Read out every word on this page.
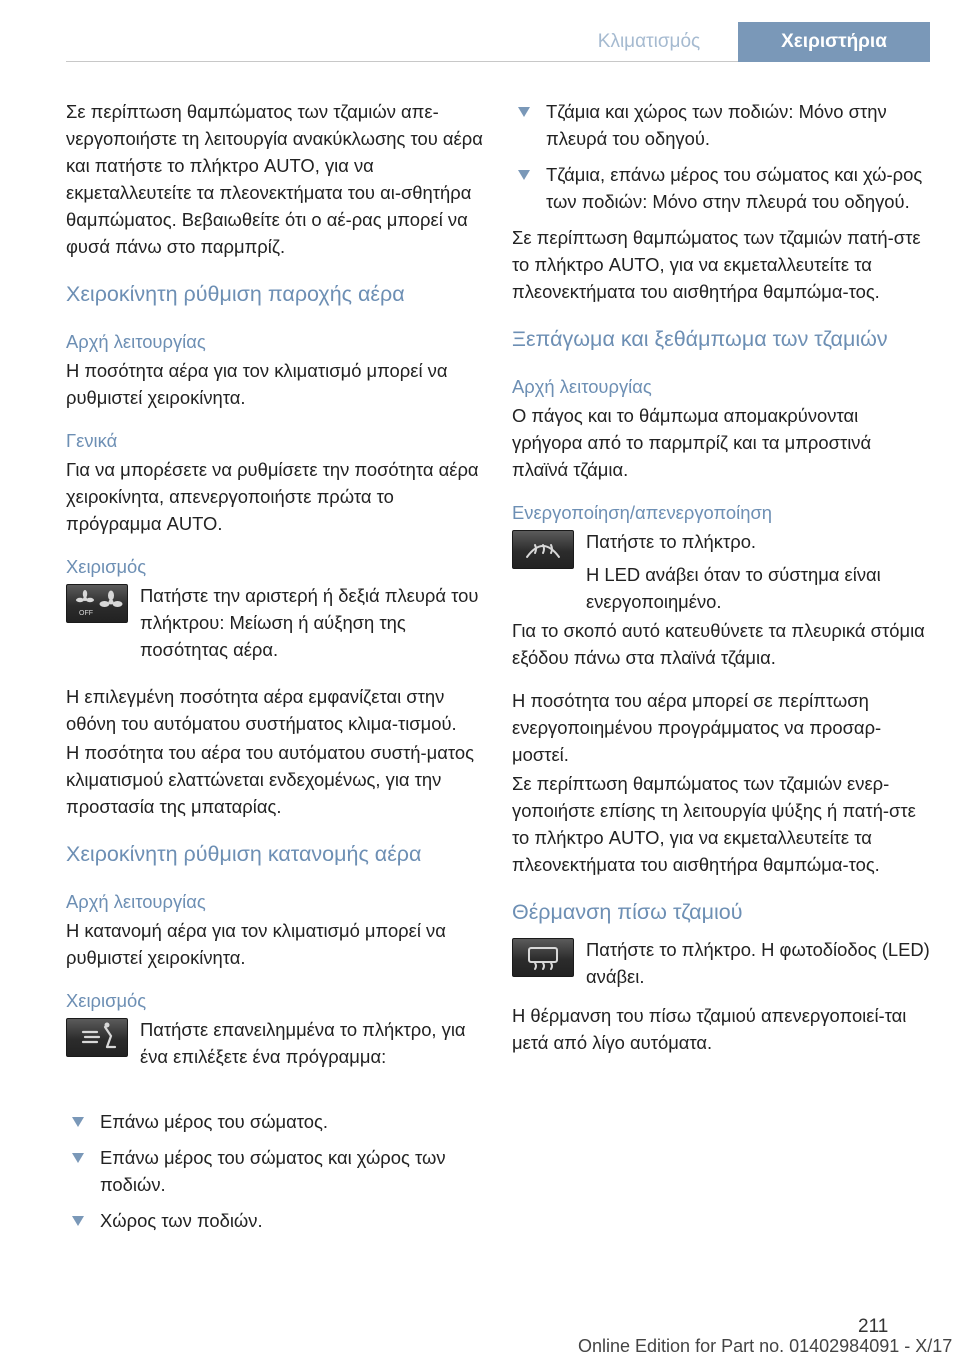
Κλιματισμός	Χειριστήρια

Σε περίπτωση θαμπώματος των τζαμιών απε-νεργοποιήστε τη λειτουργία ανακύκλωσης του αέρα και πατήστε το πλήκτρο AUTO, για να εκμεταλλευτείτε τα πλεονεκτήματα του αι-σθητήρα θαμπώματος. Βεβαιωθείτε ότι ο αέ-ρας μπορεί να φυσά πάνω στο παρμπρίζ.

Χειροκίνητη ρύθμιση παροχής αέρα
Αρχή λειτουργίας

Η ποσότητα αέρα για τον κλιματισμό μπορεί να ρυθμιστεί χειροκίνητα.

Γενικά

Για να μπορέσετε να ρυθμίσετε την ποσότητα αέρα χειροκίνητα, απενεργοποιήστε πρώτα το πρόγραμμα AUTO.

Χειρισμός
OFF

Πατήστε την αριστερή ή δεξιά πλευρά του πλήκτρου: Μείωση ή αύξηση της ποσότητας αέρα.

Η επιλεγμένη ποσότητα αέρα εμφανίζεται στην οθόνη του αυτόματου συστήματος κλιμα-τισμού.

Η ποσότητα του αέρα του αυτόματου συστή-ματος κλιματισμού ελαττώνεται ενδεχομένως, για την προστασία της μπαταρίας.

Χειροκίνητη ρύθμιση κατανομής αέρα
Αρχή λειτουργίας

Η κατανομή αέρα για τον κλιματισμό μπορεί να ρυθμιστεί χειροκίνητα.

Χειρισμός

Πατήστε επανειλημμένα το πλήκτρο, για ένα επιλέξετε ένα πρόγραμμα:

Επάνω μέρος του σώματος.
Επάνω μέρος του σώματος και χώρος των ποδιών.
Χώρος των ποδιών.
Τζάμια και χώρος των ποδιών: Μόνο στην πλευρά του οδηγού.
Τζάμια, επάνω μέρος του σώματος και χώ-ρος των ποδιών: Μόνο στην πλευρά του οδηγού.

Σε περίπτωση θαμπώματος των τζαμιών πατή-στε το πλήκτρο AUTO, για να εκμεταλλευτείτε τα πλεονεκτήματα του αισθητήρα θαμπώμα-τος.

Ξεπάγωμα και ξεθάμπωμα των τζαμιών
Αρχή λειτουργίας

Ο πάγος και το θάμπωμα απομακρύνονται γρήγορα από το παρμπρίζ και τα μπροστινά πλαϊνά τζάμια.

Ενεργοποίηση/απενεργοποίηση

Πατήστε το πλήκτρο.

Η LED ανάβει όταν το σύστημα είναι ενεργοποιημένο.

Για το σκοπό αυτό κατευθύνετε τα πλευρικά στόμια εξόδου πάνω στα πλαϊνά τζάμια.

Η ποσότητα του αέρα μπορεί σε περίπτωση ενεργοποιημένου προγράμματος να προσαρ-μοστεί.

Σε περίπτωση θαμπώματος των τζαμιών ενερ-γοποιήστε επίσης τη λειτουργία ψύξης ή πατή-στε το πλήκτρο AUTO, για να εκμεταλλευτείτε τα πλεονεκτήματα του αισθητήρα θαμπώμα-τος.

Θέρμανση πίσω τζαμιού

Πατήστε το πλήκτρο. Η φωτοδίοδος (LED) ανάβει.

Η θέρμανση του πίσω τζαμιού απενεργοποιεί-ται μετά από λίγο αυτόματα.

211
Online Edition for Part no. 01402984091 - X/17
